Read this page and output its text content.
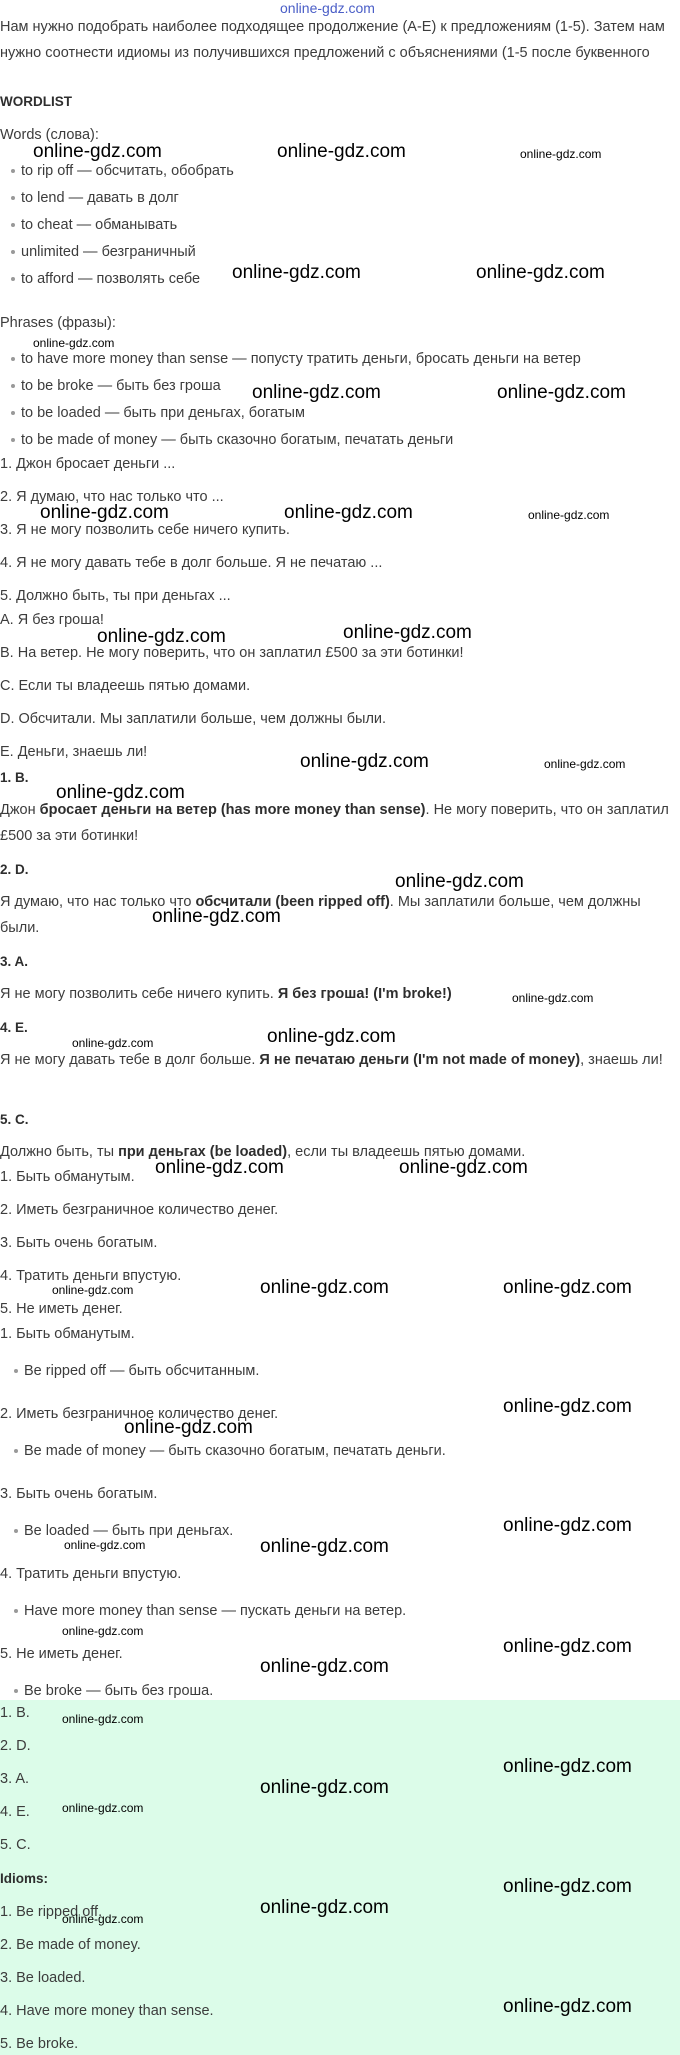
online-gdz.com
Нам нужно подобрать наиболее подходящее продолжение (A-E) к предложениям (1-5). Затем нам нужно соотнести идиомы из получившихся предложений с объяснениями (1-5 после буквенного
WORDLIST
Words (слова):
to rip off — обсчитать, обобрать
to lend — давать в долг
to cheat — обманывать
unlimited — безграничный
to afford — позволять себе
Phrases (фразы):
to have more money than sense — попусту тратить деньги, бросать деньги на ветер
to be broke — быть без гроша
to be loaded — быть при деньгах, богатым
to be made of money — быть сказочно богатым, печатать деньги
1. Джон бросает деньги ...
2. Я думаю, что нас только что ...
3. Я не могу позволить себе ничего купить.
4. Я не могу давать тебе в долг больше. Я не печатаю ...
5. Должно быть, ты при деньгах ...
A. Я без гроша!
B. На ветер. Не могу поверить, что он заплатил £500 за эти ботинки!
C. Если ты владеешь пятью домами.
D. Обсчитали. Мы заплатили больше, чем должны были.
E. Деньги, знаешь ли!
1. B.
Джон бросает деньги на ветер (has more money than sense). Не могу поверить, что он заплатил £500 за эти ботинки!
2. D.
Я думаю, что нас только что обсчитали (been ripped off). Мы заплатили больше, чем должны были.
3. A.
Я не могу позволить себе ничего купить. Я без гроша! (I'm broke!)
4. E.
Я не могу давать тебе в долг больше. Я не печатаю деньги (I'm not made of money), знаешь ли!
5. C.
Должно быть, ты при деньгах (be loaded), если ты владеешь пятью домами.
1. Быть обманутым.
2. Иметь безграничное количество денег.
3. Быть очень богатым.
4. Тратить деньги впустую.
5. Не иметь денег.
1. Быть обманутым.
Be ripped off — быть обсчитанным.
2. Иметь безграничное количество денег.
Be made of money — быть сказочно богатым, печатать деньги.
3. Быть очень богатым.
Be loaded — быть при деньгах.
4. Тратить деньги впустую.
Have more money than sense — пускать деньги на ветер.
5. Не иметь денег.
Be broke — быть без гроша.
1. B.
2. D.
3. A.
4. E.
5. C.
Idioms:
1. Be ripped off.
2. Be made of money.
3. Be loaded.
4. Have more money than sense.
5. Be broke.
online-gdz.com	online-gdz.com	online-gdz.com
online-gdz.com	online-gdz.com
online-gdz.com
online-gdz.com	online-gdz.com
online-gdz.com	online-gdz.com	online-gdz.com
online-gdz.com
online-gdz.com
online-gdz.com	online-gdz.com
online-gdz.com
online-gdz.com
online-gdz.com
online-gdz.com
online-gdz.com	online-gdz.com
online-gdz.com	online-gdz.com
online-gdz.com	online-gdz.com
online-gdz.com
online-gdz.com
online-gdz.com
online-gdz.com
online-gdz.com	online-gdz.com
online-gdz.com
online-gdz.com
online-gdz.com
online-gdz.com
online-gdz.com
online-gdz.com
online-gdz.com
online-gdz.com
online-gdz.com
online-gdz.com
online-gdz.com
